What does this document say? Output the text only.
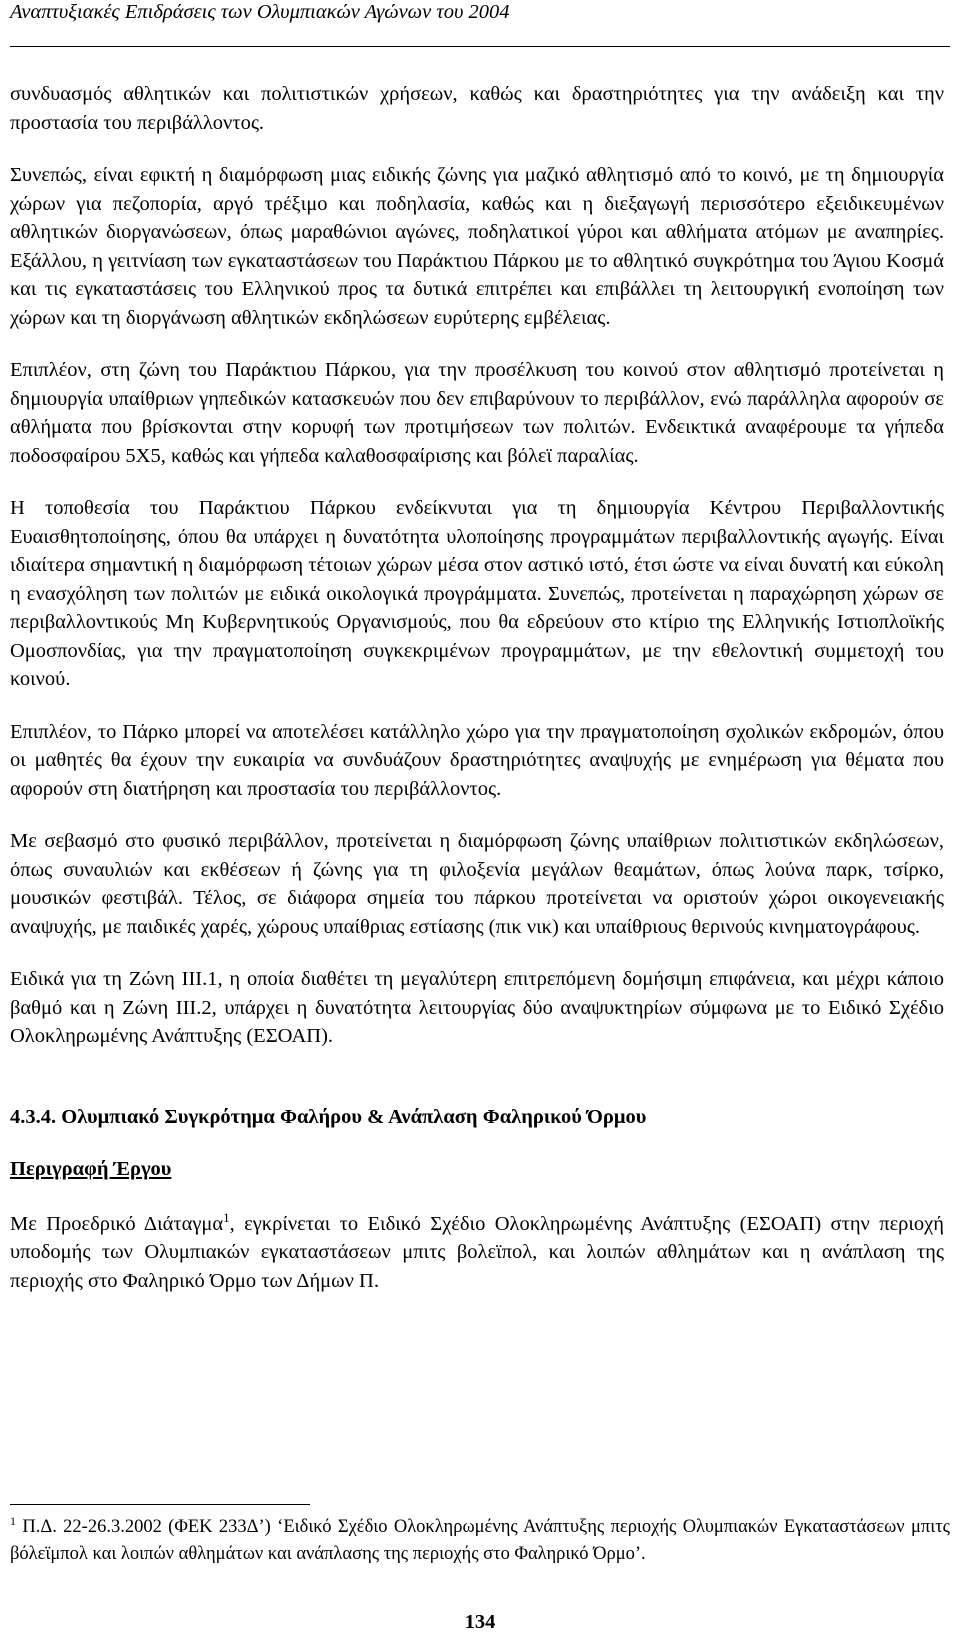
Αναπτυξιακές Επιδράσεις των Ολυμπιακών Αγώνων του 2004

συνδυασμός αθλητικών και πολιτιστικών χρήσεων, καθώς και δραστηριότητες για την ανάδειξη και την προστασία του περιβάλλοντος.

Συνεπώς, είναι εφικτή η διαμόρφωση μιας ειδικής ζώνης για μαζικό αθλητισμό από το κοινό, με τη δημιουργία χώρων για πεζοπορία, αργό τρέξιμο και ποδηλασία, καθώς και η διεξαγωγή περισσότερο εξειδικευμένων αθλητικών διοργανώσεων, όπως μαραθώνιοι αγώνες, ποδηλατικοί γύροι και αθλήματα ατόμων με αναπηρίες. Εξάλλου, η γειτνίαση των εγκαταστάσεων του Παράκτιου Πάρκου με το αθλητικό συγκρότημα του Άγιου Κοσμά και τις εγκαταστάσεις του Ελληνικού προς τα δυτικά επιτρέπει και επιβάλλει τη λειτουργική ενοποίηση των χώρων και τη διοργάνωση αθλητικών εκδηλώσεων ευρύτερης εμβέλειας.

Επιπλέον, στη ζώνη του Παράκτιου Πάρκου, για την προσέλκυση του κοινού στον αθλητισμό προτείνεται η δημιουργία υπαίθριων γηπεδικών κατασκευών που δεν επιβαρύνουν το περιβάλλον, ενώ παράλληλα αφορούν σε αθλήματα που βρίσκονται στην κορυφή των προτιμήσεων των πολιτών. Ενδεικτικά αναφέρουμε τα γήπεδα ποδοσφαίρου 5Χ5, καθώς και γήπεδα καλαθοσφαίρισης και βόλεϊ παραλίας.

Η τοποθεσία του Παράκτιου Πάρκου ενδείκνυται για τη δημιουργία Κέντρου Περιβαλλοντικής Ευαισθητοποίησης, όπου θα υπάρχει η δυνατότητα υλοποίησης προγραμμάτων περιβαλλοντικής αγωγής. Είναι ιδιαίτερα σημαντική η διαμόρφωση τέτοιων χώρων μέσα στον αστικό ιστό, έτσι ώστε να είναι δυνατή και εύκολη η ενασχόληση των πολιτών με ειδικά οικολογικά προγράμματα. Συνεπώς, προτείνεται η παραχώρηση χώρων σε περιβαλλοντικούς Μη Κυβερνητικούς Οργανισμούς, που θα εδρεύουν στο κτίριο της Ελληνικής Ιστιοπλοϊκής Ομοσπονδίας, για την πραγματοποίηση συγκεκριμένων προγραμμάτων, με την εθελοντική συμμετοχή του κοινού.

Επιπλέον, το Πάρκο μπορεί να αποτελέσει κατάλληλο χώρο για την πραγματοποίηση σχολικών εκδρομών, όπου οι μαθητές θα έχουν την ευκαιρία να συνδυάζουν δραστηριότητες αναψυχής με ενημέρωση για θέματα που αφορούν στη διατήρηση και προστασία του περιβάλλοντος.

Με σεβασμό στο φυσικό περιβάλλον, προτείνεται η διαμόρφωση ζώνης υπαίθριων πολιτιστικών εκδηλώσεων, όπως συναυλιών και εκθέσεων ή ζώνης για τη φιλοξενία μεγάλων θεαμάτων, όπως λούνα παρκ, τσίρκο, μουσικών φεστιβάλ. Τέλος, σε διάφορα σημεία του πάρκου προτείνεται να οριστούν χώροι οικογενειακής αναψυχής, με παιδικές χαρές, χώρους υπαίθριας εστίασης (πικ νικ) και υπαίθριους θερινούς κινηματογράφους.

Ειδικά για τη Ζώνη ΙΙΙ.1, η οποία διαθέτει τη μεγαλύτερη επιτρεπόμενη δομήσιμη επιφάνεια, και μέχρι κάποιο βαθμό και η Ζώνη ΙΙΙ.2, υπάρχει η δυνατότητα λειτουργίας δύο αναψυκτηρίων σύμφωνα με το Ειδικό Σχέδιο Ολοκληρωμένης Ανάπτυξης (ΕΣΟΑΠ).

4.3.4. Ολυμπιακό Συγκρότημα Φαλήρου & Ανάπλαση Φαληρικού Όρμου

Περιγραφή Έργου

Με Προεδρικό Διάταγμα$^1$, εγκρίνεται το Ειδικό Σχέδιο Ολοκληρωμένης Ανάπτυξης (ΕΣΟΑΠ) στην περιοχή υποδομής των Ολυμπιακών εγκαταστάσεων μπιτς βολεϊπολ, και λοιπών αθλημάτων και η ανάπλαση της περιοχής στο Φαληρικό Όρμο των Δήμων Π.

$^1$ Π.Δ. 22-26.3.2002 (ΦΕΚ 233Δ’) ‘Ειδικό Σχέδιο Ολοκληρωμένης Ανάπτυξης περιοχής Ολυμπιακών Εγκαταστάσεων μπιτς βόλεϊμπολ και λοιπών αθλημάτων και ανάπλασης της περιοχής στο Φαληρικό Όρμο’.
134
